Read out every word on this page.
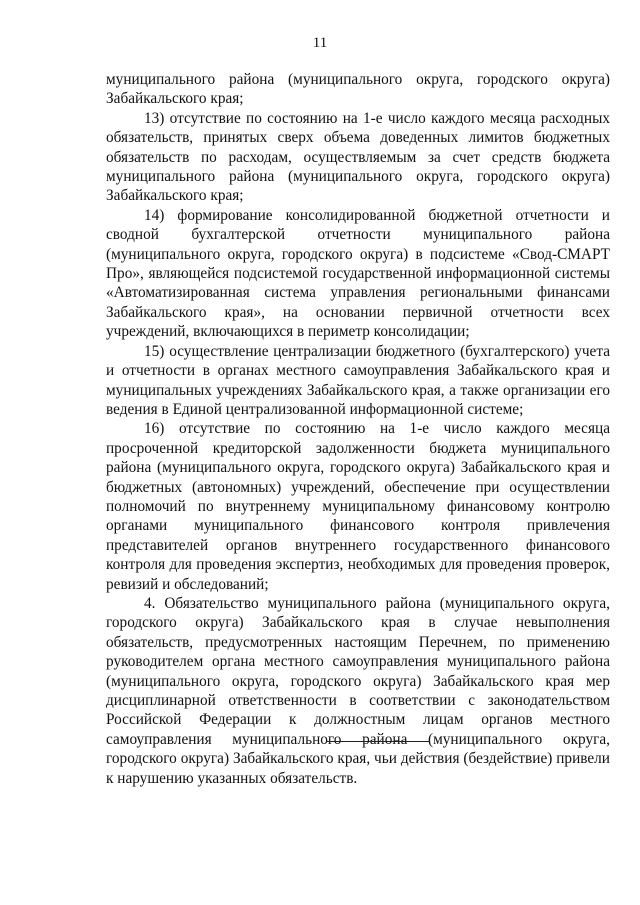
11

муниципального района (муниципального округа, городского округа) Забайкальского края;

13) отсутствие по состоянию на 1-е число каждого месяца расходных обязательств, принятых сверх объема доведенных лимитов бюджетных обязательств по расходам, осуществляемым за счет средств бюджета муниципального района (муниципального округа, городского округа) Забайкальского края;

14) формирование консолидированной бюджетной отчетности и сводной бухгалтерской отчетности муниципального района (муниципального округа, городского округа) в подсистеме «Свод-СМАРТ Про», являющейся подсистемой государственной информационной системы «Автоматизированная система управления региональными финансами Забайкальского края», на основании первичной отчетности всех учреждений, включающихся в периметр консолидации;

15) осуществление централизации бюджетного (бухгалтерского) учета и отчетности в органах местного самоуправления Забайкальского края и муниципальных учреждениях Забайкальского края, а также организации его ведения в Единой централизованной информационной системе;

16) отсутствие по состоянию на 1-е число каждого месяца просроченной кредиторской задолженности бюджета муниципального района (муниципального округа, городского округа) Забайкальского края и бюджетных (автономных) учреждений, обеспечение при осуществлении полномочий по внутреннему муниципальному финансовому контролю органами муниципального финансового контроля привлечения представителей органов внутреннего государственного финансового контроля для проведения экспертиз, необходимых для проведения проверок, ревизий и обследований;

4. Обязательство муниципального района (муниципального округа, городского округа) Забайкальского края в случае невыполнения обязательств, предусмотренных настоящим Перечнем, по применению руководителем органа местного самоуправления муниципального района (муниципального округа, городского округа) Забайкальского края мер дисциплинарной ответственности в соответствии с законодательством Российской Федерации к должностным лицам органов местного самоуправления муниципального района (муниципального округа, городского округа) Забайкальского края, чьи действия (бездействие) привели к нарушению указанных обязательств.
